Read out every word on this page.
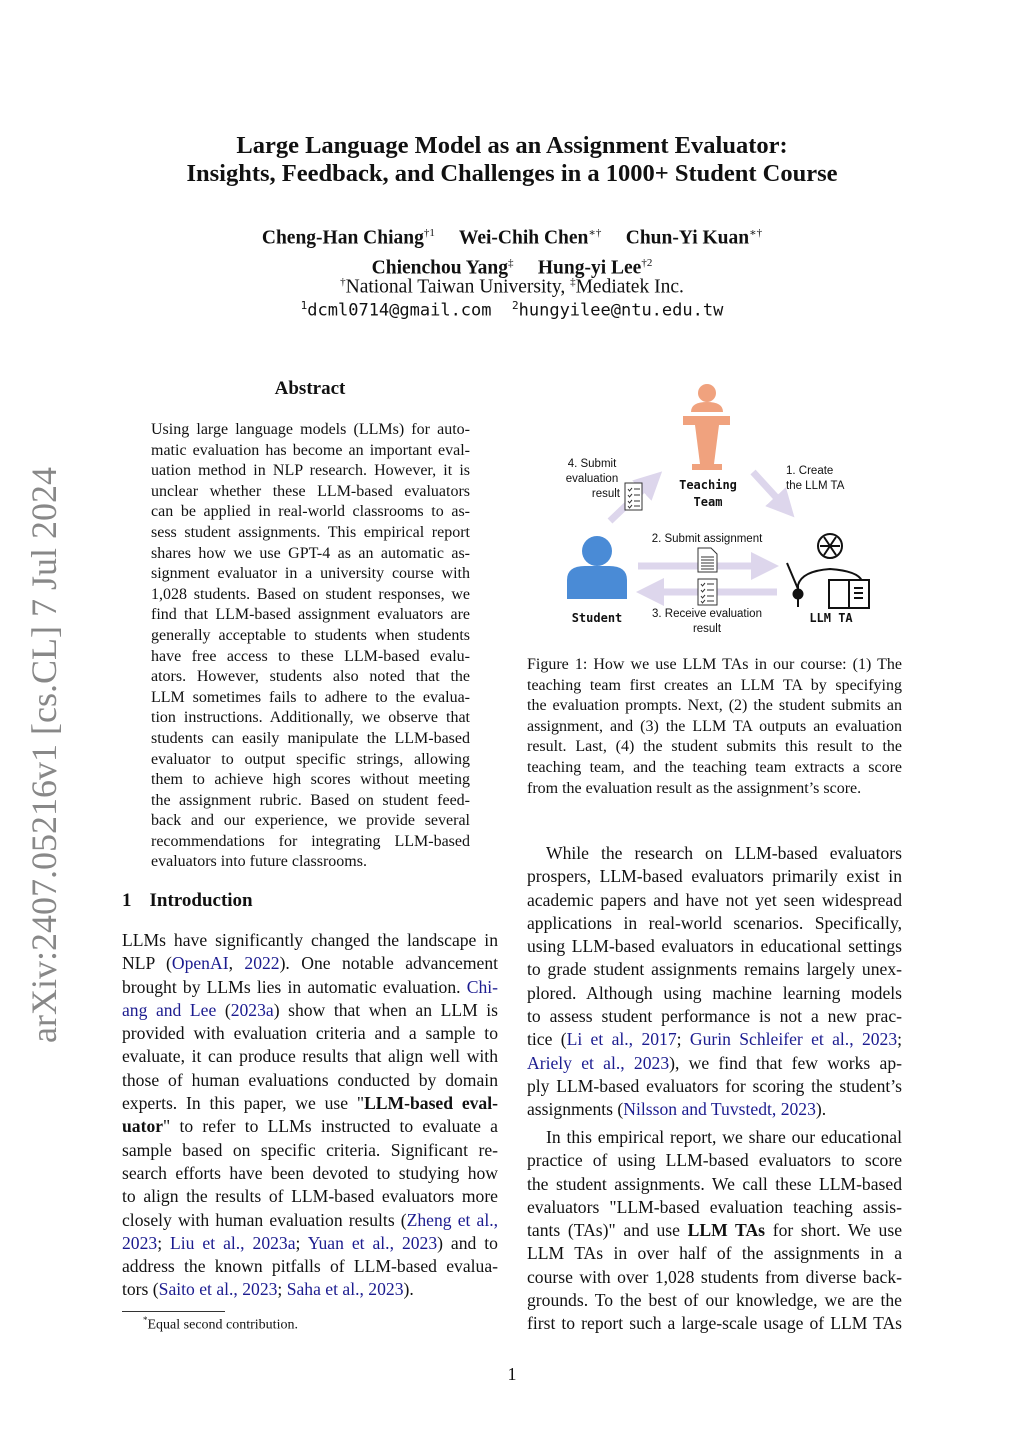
arXiv:2407.05216v1 [cs.CL] 7 Jul 2024
Large Language Model as an Assignment Evaluator:
Insights, Feedback, and Challenges in a 1000+ Student Course
Cheng-Han Chiang$^{\dagger 1}$ Wei-Chih Chen∗† Chun-Yi Kuan∗†
Chienchou Yang‡ Hung-yi Lee$^{\dagger 2}$
†National Taiwan University, ‡Mediatek Inc.
$^1$dcml0714@gmail.com $^2$hungyilee@ntu.edu.tw
Abstract
Using large language models (LLMs) for auto-
matic evaluation has become an important eval-
uation method in NLP research. However, it is
unclear whether these LLM-based evaluators
can be applied in real-world classrooms to as-
sess student assignments. This empirical report
shares how we use GPT-4 as an automatic as-
signment evaluator in a university course with
1,028 students. Based on student responses, we
find that LLM-based assignment evaluators are
generally acceptable to students when students
have free access to these LLM-based evalu-
ators. However, students also noted that the
LLM sometimes fails to adhere to the evalua-
tion instructions. Additionally, we observe that
students can easily manipulate the LLM-based
evaluator to output specific strings, allowing
them to achieve high scores without meeting
the assignment rubric. Based on student feed-
back and our experience, we provide several
recommendations for integrating LLM-based
evaluators into future classrooms.
1 Introduction
LLMs have significantly changed the landscape in
NLP (OpenAI, 2022). One notable advancement
brought by LLMs lies in automatic evaluation. Chi-
ang and Lee (2023a) show that when an LLM is
provided with evaluation criteria and a sample to
evaluate, it can produce results that align well with
those of human evaluations conducted by domain
experts. In this paper, we use "LLM-based eval-
uator" to refer to LLMs instructed to evaluate a
sample based on specific criteria. Significant re-
search efforts have been devoted to studying how
to align the results of LLM-based evaluators more
closely with human evaluation results (Zheng et al.,
2023; Liu et al., 2023a; Yuan et al., 2023) and to
address the known pitfalls of LLM-based evalua-
tors (Saito et al., 2023; Saha et al., 2023).
*Equal second contribution.
Teaching
Team
Student	LLM TA
4. Submit
evaluation
result
1. Create
the LLM TA
2. Submit assignment
3. Receive evaluation
result
Figure 1: How we use LLM TAs in our course: (1) The
teaching team first creates an LLM TA by specifying
the evaluation prompts. Next, (2) the student submits an
assignment, and (3) the LLM TA outputs an evaluation
result. Last, (4) the student submits this result to the
teaching team, and the teaching team extracts a score
from the evaluation result as the assignment’s score.
While the research on LLM-based evaluators
prospers, LLM-based evaluators primarily exist in
academic papers and have not yet seen widespread
applications in real-world scenarios. Specifically,
using LLM-based evaluators in educational settings
to grade student assignments remains largely unex-
plored. Although using machine learning models
to assess student performance is not a new prac-
tice (Li et al., 2017; Gurin Schleifer et al., 2023;
Ariely et al., 2023), we find that few works ap-
ply LLM-based evaluators for scoring the student’s
assignments (Nilsson and Tuvstedt, 2023).
In this empirical report, we share our educational
practice of using LLM-based evaluators to score
the student assignments. We call these LLM-based
evaluators "LLM-based evaluation teaching assis-
tants (TAs)" and use LLM TAs for short. We use
LLM TAs in over half of the assignments in a
course with over 1,028 students from diverse back-
grounds. To the best of our knowledge, we are the
first to report such a large-scale usage of LLM TAs
1
